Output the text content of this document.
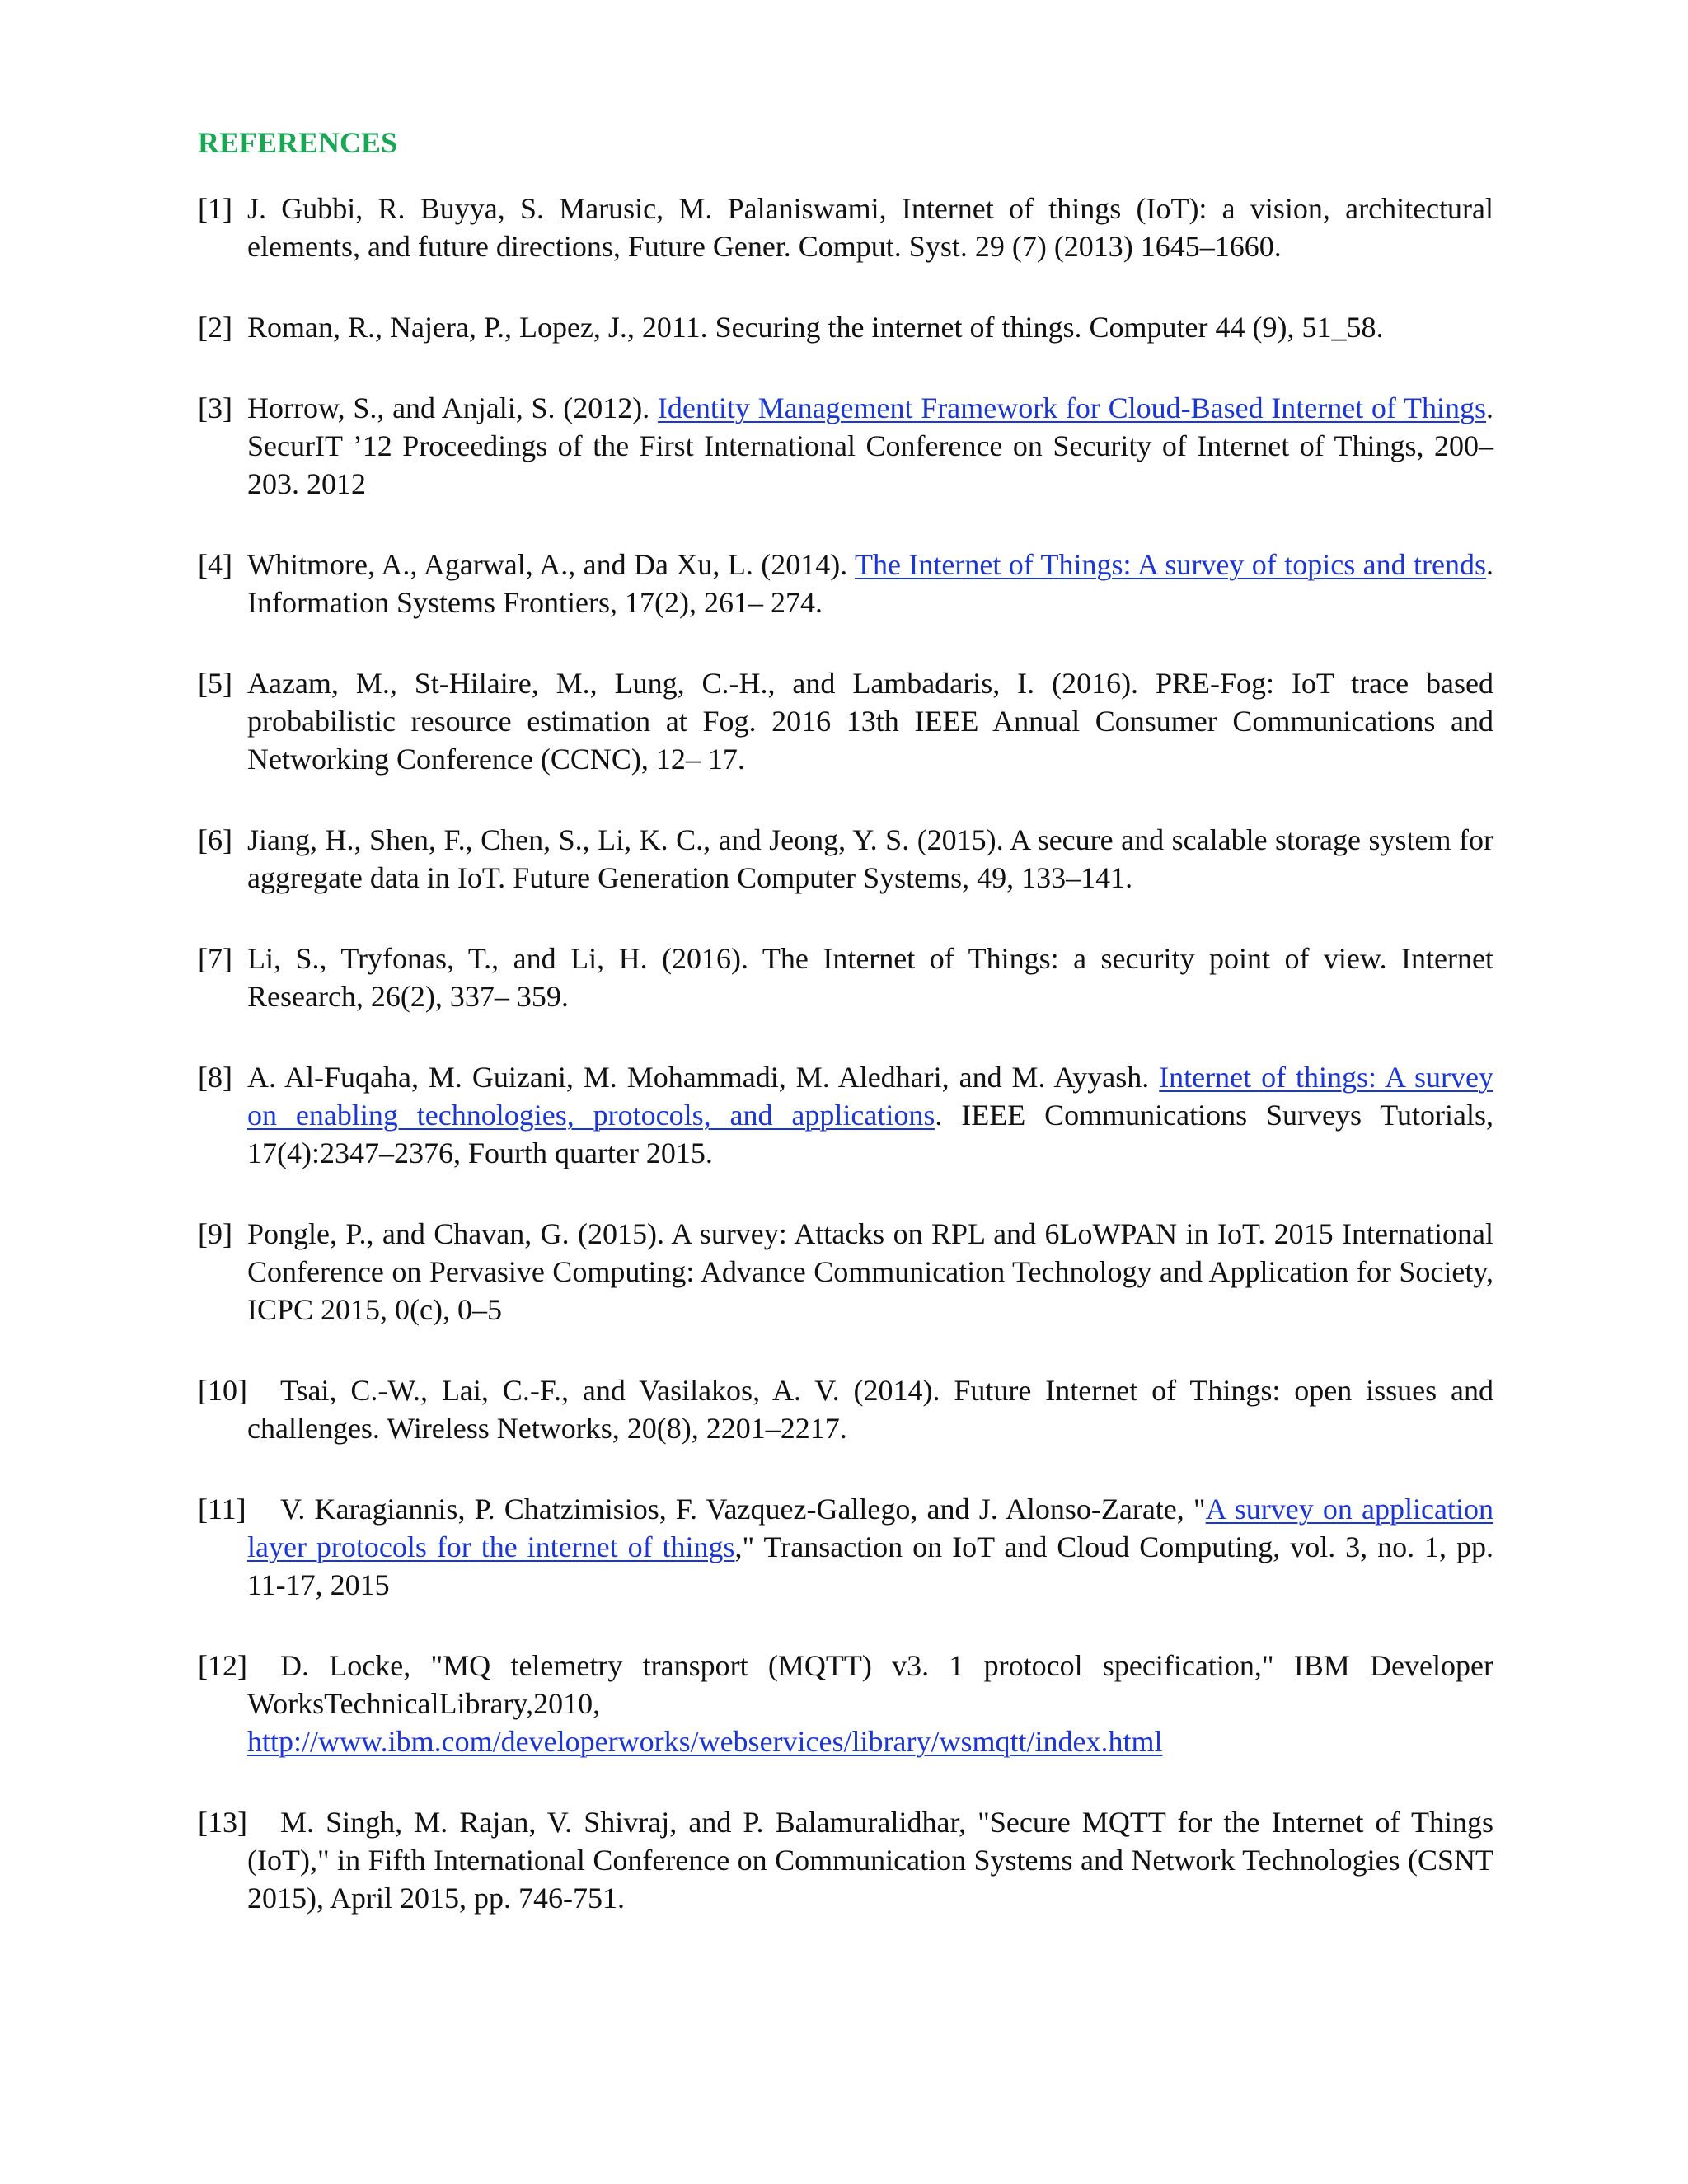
REFERENCES
[1] J. Gubbi, R. Buyya, S. Marusic, M. Palaniswami, Internet of things (IoT): a vision, architectural elements, and future directions, Future Gener. Comput. Syst. 29 (7) (2013) 1645–1660.
[2] Roman, R., Najera, P., Lopez, J., 2011. Securing the internet of things. Computer 44 (9), 51_58.
[3] Horrow, S., and Anjali, S. (2012). Identity Management Framework for Cloud-Based Internet of Things. SecurIT ’12 Proceedings of the First International Conference on Security of Internet of Things, 200– 203. 2012
[4] Whitmore, A., Agarwal, A., and Da Xu, L. (2014). The Internet of Things: A survey of topics and trends. Information Systems Frontiers, 17(2), 261– 274.
[5] Aazam, M., St-Hilaire, M., Lung, C.-H., and Lambadaris, I. (2016). PRE-Fog: IoT trace based probabilistic resource estimation at Fog. 2016 13th IEEE Annual Consumer Communications and Networking Conference (CCNC), 12– 17.
[6] Jiang, H., Shen, F., Chen, S., Li, K. C., and Jeong, Y. S. (2015). A secure and scalable storage system for aggregate data in IoT. Future Generation Computer Systems, 49, 133–141.
[7] Li, S., Tryfonas, T., and Li, H. (2016). The Internet of Things: a security point of view. Internet Research, 26(2), 337– 359.
[8] A. Al-Fuqaha, M. Guizani, M. Mohammadi, M. Aledhari, and M. Ayyash. Internet of things: A survey on enabling technologies, protocols, and applications. IEEE Communications Surveys Tutorials, 17(4):2347–2376, Fourth quarter 2015.
[9] Pongle, P., and Chavan, G. (2015). A survey: Attacks on RPL and 6LoWPAN in IoT. 2015 International Conference on Pervasive Computing: Advance Communication Technology and Application for Society, ICPC 2015, 0(c), 0–5
[10] Tsai, C.-W., Lai, C.-F., and Vasilakos, A. V. (2014). Future Internet of Things: open issues and challenges. Wireless Networks, 20(8), 2201–2217.
[11] V. Karagiannis, P. Chatzimisios, F. Vazquez-Gallego, and J. Alonso-Zarate, "A survey on application layer protocols for the internet of things," Transaction on IoT and Cloud Computing, vol. 3, no. 1, pp. 11-17, 2015
[12] D. Locke, "MQ telemetry transport (MQTT) v3. 1 protocol specification," IBM Developer WorksTechnicalLibrary,2010, http://www.ibm.com/developerworks/webservices/library/wsmqtt/index.html
[13] M. Singh, M. Rajan, V. Shivraj, and P. Balamuralidhar, "Secure MQTT for the Internet of Things (IoT)," in Fifth International Conference on Communication Systems and Network Technologies (CSNT 2015), April 2015, pp. 746-751.
